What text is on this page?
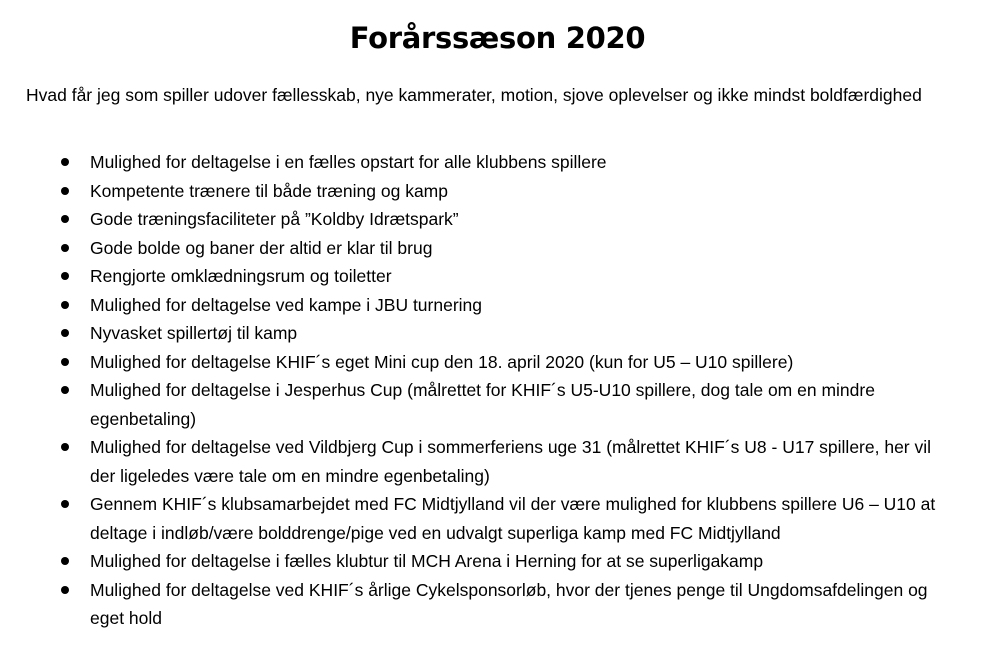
Forårssæson 2020

Hvad får jeg som spiller udover fællesskab, nye kammerater, motion, sjove oplevelser og ikke mindst boldfærdighed

Mulighed for deltagelse i en fælles opstart for alle klubbens spillere
Kompetente trænere til både træning og kamp
Gode træningsfaciliteter på ”Koldby Idrætspark”
Gode bolde og baner der altid er klar til brug
Rengjorte omklædningsrum og toiletter
Mulighed for deltagelse ved kampe i JBU turnering
Nyvasket spillertøj til kamp
Mulighed for deltagelse KHIF´s eget Mini cup den 18. april 2020 (kun for U5 – U10 spillere)
Mulighed for deltagelse i Jesperhus Cup (målrettet for KHIF´s U5-U10 spillere, dog tale om en mindre egenbetaling)
Mulighed for deltagelse ved Vildbjerg Cup i sommerferiens uge 31 (målrettet KHIF´s U8 - U17 spillere, her vil der ligeledes være tale om en mindre egenbetaling)
Gennem KHIF´s klubsamarbejdet med FC Midtjylland vil der være mulighed for klubbens spillere U6 – U10 at deltage i indløb/være bolddrenge/pige ved en udvalgt superliga kamp med FC Midtjylland
Mulighed for deltagelse i fælles klubtur til MCH Arena i Herning for at se superligakamp
Mulighed for deltagelse ved KHIF´s årlige Cykelsponsorløb, hvor der tjenes penge til Ungdomsafdelingen og eget hold
